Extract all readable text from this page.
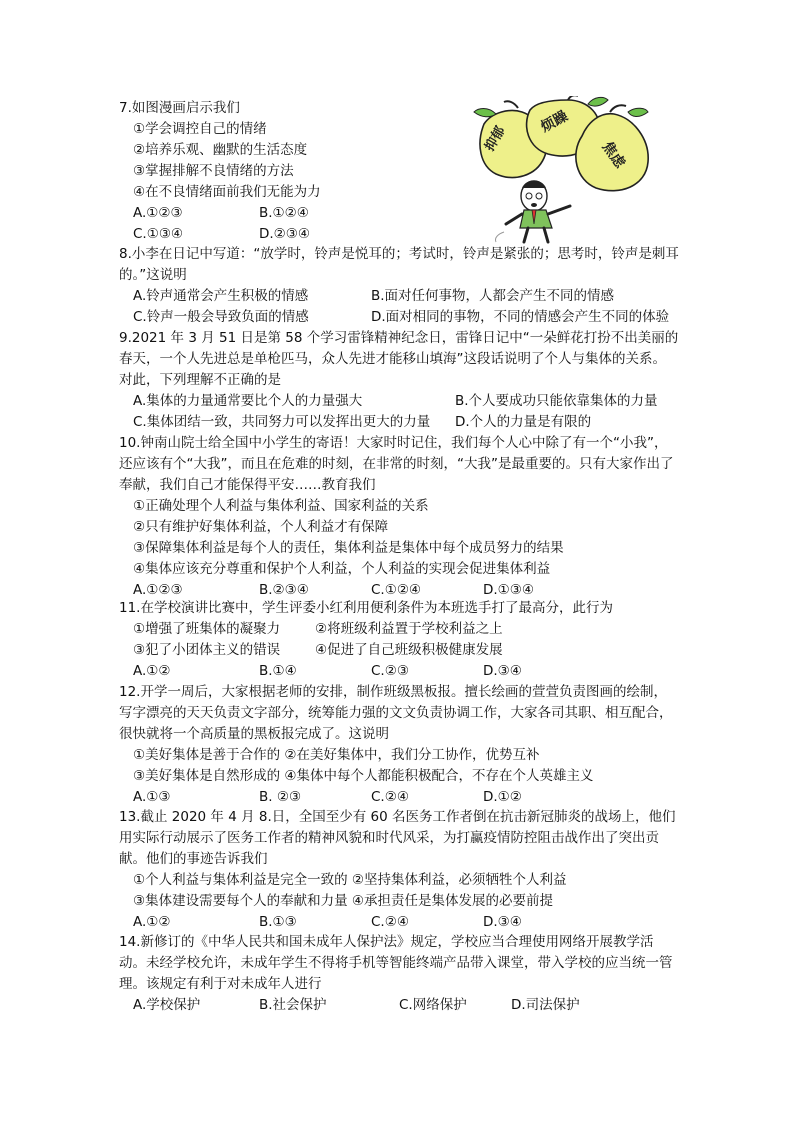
烦躁
抑郁
焦虑
7.如图漫画启示我们
①学会调控自己的情绪
②培养乐观、幽默的生活态度
③掌握排解不良情绪的方法
④在不良情绪面前我们无能为力
A.①②③	B.①②④
C.①③④	D.②③④
8.小李在日记中写道：“放学时，铃声是悦耳的；考试时，铃声是紧张的；思考时，铃声是刺耳的。”这说明
A.铃声通常会产生积极的情感	B.面对任何事物，人都会产生不同的情感
C.铃声一般会导致负面的情感	D.面对相同的事物，不同的情感会产生不同的体验
9.2021 年 3 月 51 日是第 58 个学习雷锋精神纪念日，雷锋日记中“一朵鲜花打扮不出美丽的春天，一个人先进总是单枪匹马，众人先进才能移山填海”这段话说明了个人与集体的关系。对此，下列理解不正确的是
A.集体的力量通常要比个人的力量强大	B.个人要成功只能依靠集体的力量
C.集体团结一致，共同努力可以发挥出更大的力量 D.个人的力量是有限的
10.钟南山院士给全国中小学生的寄语！大家时时记住，我们每个人心中除了有一个“小我”，还应该有个“大我”，而且在危难的时刻，在非常的时刻，“大我”是最重要的。只有大家作出了奉献，我们自己才能保得平安……教育我们
①正确处理个人利益与集体利益、国家利益的关系
②只有维护好集体利益，个人利益才有保障
③保障集体利益是每个人的责任，集体利益是集体中每个成员努力的结果
④集体应该充分尊重和保护个人利益，个人利益的实现会促进集体利益
A.①②③	B.②③④	C.①②④	D.①③④
11.在学校演讲比赛中，学生评委小红利用便利条件为本班选手打了最高分，此行为
①增强了班集体的凝聚力	②将班级利益置于学校利益之上
③犯了小团体主义的错误	④促进了自己班级积极健康发展
A.①②	B.①④	C.②③	D.③④
12.开学一周后，大家根据老师的安排，制作班级黑板报。擅长绘画的萱萱负责图画的绘制，写字漂亮的天天负责文字部分，统筹能力强的文文负责协调工作，大家各司其职、相互配合，很快就将一个高质量的黑板报完成了。这说明
①美好集体是善于合作的 ②在美好集体中，我们分工协作，优势互补
③美好集体是自然形成的 ④集体中每个人都能积极配合，不存在个人英雄主义
A.①③	B. ②③	C.②④	D.①②
13.截止 2020 年 4 月 8.日，全国至少有 60 名医务工作者倒在抗击新冠肺炎的战场上，他们用实际行动展示了医务工作者的精神风貌和时代风采，为打赢疫情防控阻击战作出了突出贡献。他们的事迹告诉我们
①个人利益与集体利益是完全一致的 ②坚持集体利益，必须牺牲个人利益
③集体建设需要每个人的奉献和力量 ④承担责任是集体发展的必要前提
A.①②	B.①③	C.②④	D.③④
14.新修订的《中华人民共和国未成年人保护法》规定，学校应当合理使用网络开展教学活动。未经学校允许，未成年学生不得将手机等智能终端产品带入课堂，带入学校的应当统一管理。该规定有利于对未成年人进行
A.学校保护	B.社会保护	C.网络保护	D.司法保护
